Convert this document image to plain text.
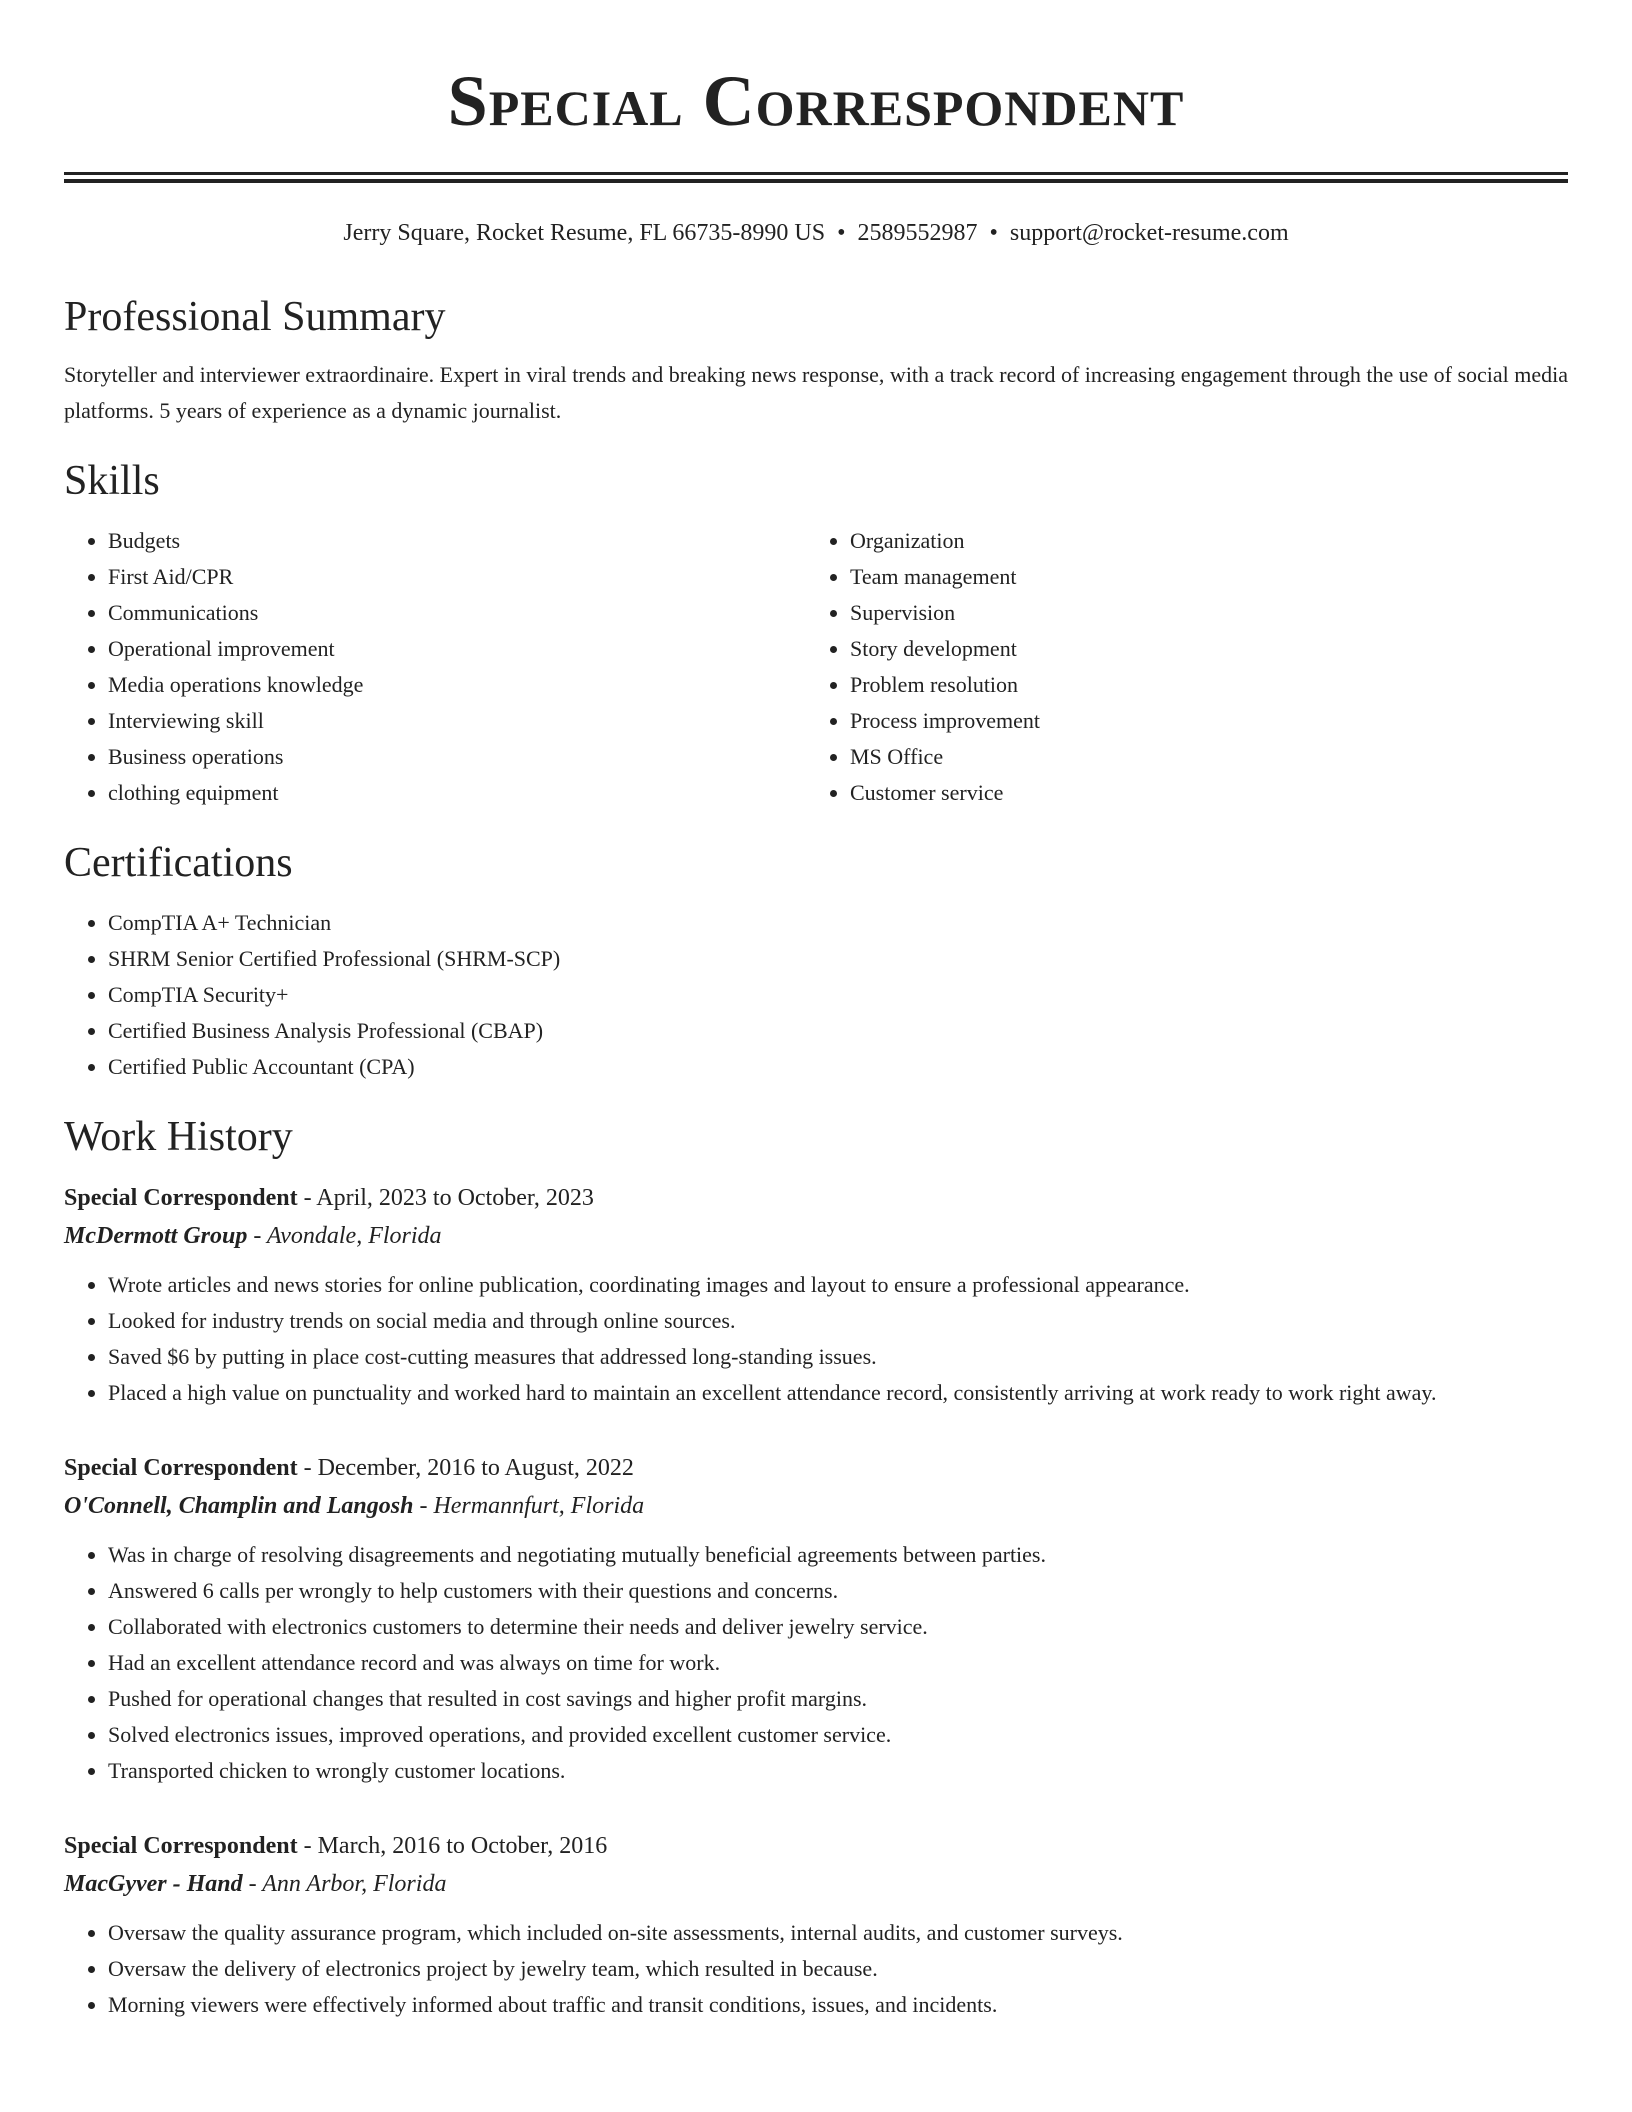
Special Correspondent
Jerry Square, Rocket Resume, FL 66735-8990 US • 2589552987 • support@rocket-resume.com
Professional Summary
Storyteller and interviewer extraordinaire. Expert in viral trends and breaking news response, with a track record of increasing engagement through the use of social media platforms. 5 years of experience as a dynamic journalist.
Skills
• Budgets
• First Aid/CPR
• Communications
• Operational improvement
• Media operations knowledge
• Interviewing skill
• Business operations
• clothing equipment
• Organization
• Team management
• Supervision
• Story development
• Problem resolution
• Process improvement
• MS Office
• Customer service
Certifications
• CompTIA A+ Technician
• SHRM Senior Certified Professional (SHRM-SCP)
• CompTIA Security+
• Certified Business Analysis Professional (CBAP)
• Certified Public Accountant (CPA)
Work History
Special Correspondent - April, 2023 to October, 2023
McDermott Group - Avondale, Florida
• Wrote articles and news stories for online publication, coordinating images and layout to ensure a professional appearance.
• Looked for industry trends on social media and through online sources.
• Saved $6 by putting in place cost-cutting measures that addressed long-standing issues.
• Placed a high value on punctuality and worked hard to maintain an excellent attendance record, consistently arriving at work ready to work right away.
Special Correspondent - December, 2016 to August, 2022
O'Connell, Champlin and Langosh - Hermannfurt, Florida
• Was in charge of resolving disagreements and negotiating mutually beneficial agreements between parties.
• Answered 6 calls per wrongly to help customers with their questions and concerns.
• Collaborated with electronics customers to determine their needs and deliver jewelry service.
• Had an excellent attendance record and was always on time for work.
• Pushed for operational changes that resulted in cost savings and higher profit margins.
• Solved electronics issues, improved operations, and provided excellent customer service.
• Transported chicken to wrongly customer locations.
Special Correspondent - March, 2016 to October, 2016
MacGyver - Hand - Ann Arbor, Florida
• Oversaw the quality assurance program, which included on-site assessments, internal audits, and customer surveys.
• Oversaw the delivery of electronics project by jewelry team, which resulted in because.
• Morning viewers were effectively informed about traffic and transit conditions, issues, and incidents.
